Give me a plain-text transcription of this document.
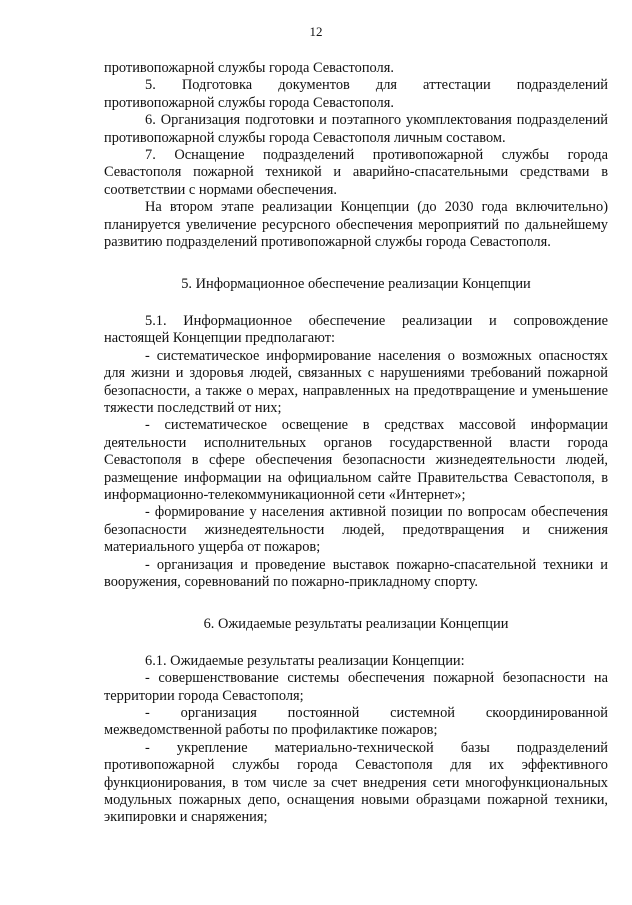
12

противопожарной службы города Севастополя.

5. Подготовка документов для аттестации подразделений противопожарной службы города Севастополя.

6. Организация подготовки и поэтапного укомплектования подразделений противопожарной службы города Севастополя личным составом.

7. Оснащение подразделений противопожарной службы города Севастополя пожарной техникой и аварийно-спасательными средствами в соответствии с нормами обеспечения.

На втором этапе реализации Концепции (до 2030 года включительно) планируется увеличение ресурсного обеспечения мероприятий по дальнейшему развитию подразделений противопожарной службы города Севастополя.

5. Информационное обеспечение реализации Концепции

5.1. Информационное обеспечение реализации и сопровождение настоящей Концепции предполагают:

- систематическое информирование населения о возможных опасностях для жизни и здоровья людей, связанных с нарушениями требований пожарной безопасности, а также о мерах, направленных на предотвращение и уменьшение тяжести последствий от них;

- систематическое освещение в средствах массовой информации деятельности исполнительных органов государственной власти города Севастополя в сфере обеспечения безопасности жизнедеятельности людей, размещение информации на официальном сайте Правительства Севастополя, в информационно-телекоммуникационной сети «Интернет»;

- формирование у населения активной позиции по вопросам обеспечения безопасности жизнедеятельности людей, предотвращения и снижения материального ущерба от пожаров;

- организация и проведение выставок пожарно-спасательной техники и вооружения, соревнований по пожарно-прикладному спорту.

6. Ожидаемые результаты реализации Концепции

6.1. Ожидаемые результаты реализации Концепции:

- совершенствование системы обеспечения пожарной безопасности на территории города Севастополя;

- организация постоянной системной скоординированной межведомственной работы по профилактике пожаров;

- укрепление материально-технической базы подразделений противопожарной службы города Севастополя для их эффективного функционирования, в том числе за счет внедрения сети многофункциональных модульных пожарных депо, оснащения новыми образцами пожарной техники, экипировки и снаряжения;
